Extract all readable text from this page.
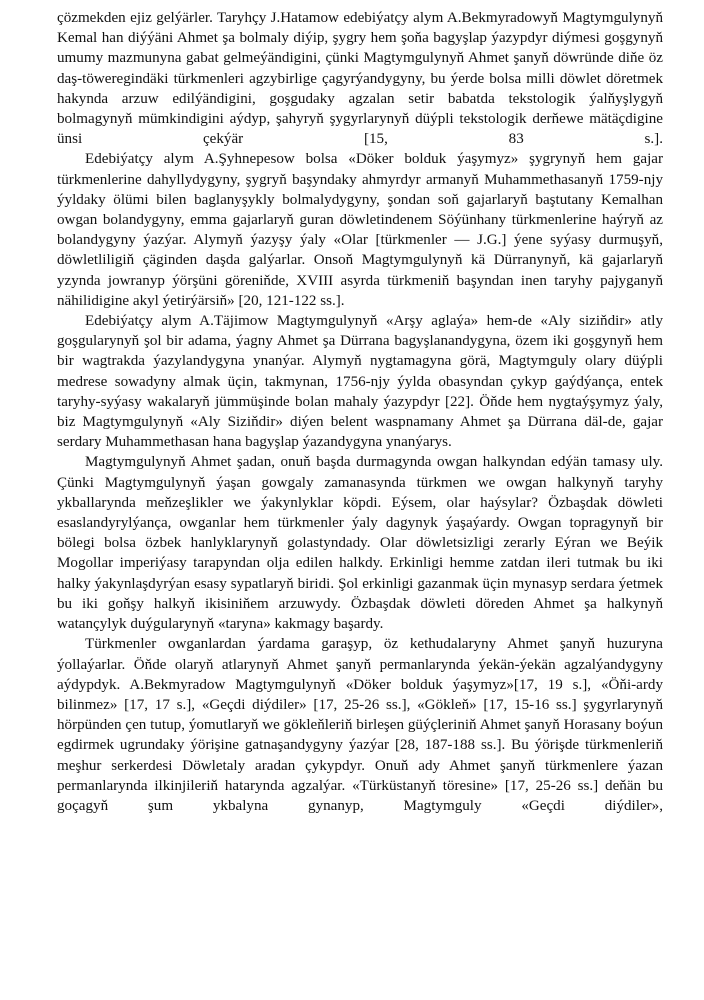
çözmekden ejiz gelýärler. Taryhçy J.Hatamow edebiýatçy alym A.Bekmyradowyň Magtymgulynyň Kemal han diýýäni Ahmet şa bolmaly diýip, şygry hem şoňa bagyşlap ýazypdyr diýmesi goşgynyň umumy mazmunyna gabat gelmeýändigini, çünki Magtymgulynyň Ahmet şanyň döwründe diňe öz daş-töweregindäki türkmenleri agzybirlige çagyrýandygyny, bu ýerde bolsa milli döwlet döretmek hakynda arzuw edilýändigini, goşgudaky agzalan setir babatda tekstologik ýalňyşlygyň bolmagynyň mümkindigini aýdyp, şahyryň şygyrlarynyň düýpli tekstologik derňewe mätäçdigine ünsi çekýär [15, 83 s.].

Edebiýatçy alym A.Şyhnepesow bolsa «Döker bolduk ýaşymyz» şygrynyň hem gajar türkmenlerine dahyllydygyny, şygryň başyndaky ahmyrdyr armanyň Muhammethasanyň 1759-njy ýyldaky ölümi bilen baglanyşykly bolmalydygyny, şondan soň gajarlaryň baştutany Kemalhan owgan bolandygyny, emma gajarlaryň guran döwletindenem Söýünhany türkmenlerine haýryň az bolandygyny ýazýar. Alymyň ýazyşy ýaly «Olar [türkmenler — J.G.] ýene syýasy durmuşyň, döwletliligiň çäginden daşda galýarlar. Onsoň Magtymgulynyň kä Dürranynyň, kä gajarlaryň yzynda jowranyp ýörşüni göreniňde, XVIII asyrda türkmeniň başyndan inen taryhy pajyganyň nähilidigine akyl ýetirýärsiň» [20, 121-122 ss.].

Edebiýatçy alym A.Täjimow Magtymgulynyň «Arşy aglaýa» hem-de «Aly siziňdir» atly goşgularynyň şol bir adama, ýagny Ahmet şa Dürrana bagyşlanandygyna, özem iki goşgynyň hem bir wagtrakda ýazylandygyna ynanýar. Alymyň nygtamagyna görä, Magtymguly olary düýpli medrese sowadyny almak üçin, takmynan, 1756-njy ýylda obasyndan çykyp gaýdýança, entek taryhy-syýasy wakalaryň jümmüşinde bolan mahaly ýazypdyr [22]. Öňde hem nygtaýşymyz ýaly, biz Magtymgulynyň «Aly Siziňdir» diýen belent waspnamany Ahmet şa Dürrana däl-de, gajar serdary Muhammethasan hana bagyşlap ýazandygyna ynanýarys.

Magtymgulynyň Ahmet şadan, onuň başda durmagynda owgan halkyndan edýän tamasy uly. Çünki Magtymgulynyň ýaşan gowgaly zamanasynda türkmen we owgan halkynyň taryhy ykballarynda meňzeşlikler we ýakynlyklar köpdi. Eýsem, olar haýsylar? Özbaşdak döwleti esaslandyrylýança, owganlar hem türkmenler ýaly dagynyk ýaşaýardy. Owgan topragynyň bir bölegi bolsa özbek hanlyklarynyň golastyndady. Olar döwletsizligi zerarly Eýran we Beýik Mogollar imperiýasy tarapyndan olja edilen halkdy. Erkinligi hemme zatdan ileri tutmak bu iki halky ýakynlaşdyrýan esasy sypatlaryň biridi. Şol erkinligi gazanmak üçin mynasyp serdara ýetmek bu iki goňşy halkyň ikisiniňem arzuwydy. Özbaşdak döwleti döreden Ahmet şa halkynyň watançylyk duýgularynyň «taryna» kakmagy başardy.

Türkmenler owganlardan ýardama garaşyp, öz kethudalaryny Ahmet şanyň huzuryna ýollaýarlar. Öňde olaryň atlarynyň Ahmet şanyň permanlarynda ýekän-ýekän agzalýandygyny aýdypdyk. A.Bekmyradow Magtymgulynyň «Döker bolduk ýaşymyz»[17, 19 s.], «Öňi-ardy bilinmez» [17, 17 s.], «Geçdi diýdiler» [17, 25-26 ss.], «Gökleň» [17, 15-16 ss.] şygyrlarynyň hörpünden çen tutup, ýomutlaryň we gökleňleriň birleşen güýçleriniň Ahmet şanyň Horasany boýun egdirmek ugrundaky ýörişine gatnaşandygyny ýazýar [28, 187-188 ss.]. Bu ýörişde türkmenleriň meşhur serkerdesi Döwletaly aradan çykypdyr. Onuň ady Ahmet şanyň türkmenlere ýazan permanlarynda ilkinjileriň hatarynda agzalýar. «Türküstanyň töresine» [17, 25-26 ss.] deňän bu goçagyň şum ykbalyna gynanyp, Magtymguly «Geçdi diýdiler»,
